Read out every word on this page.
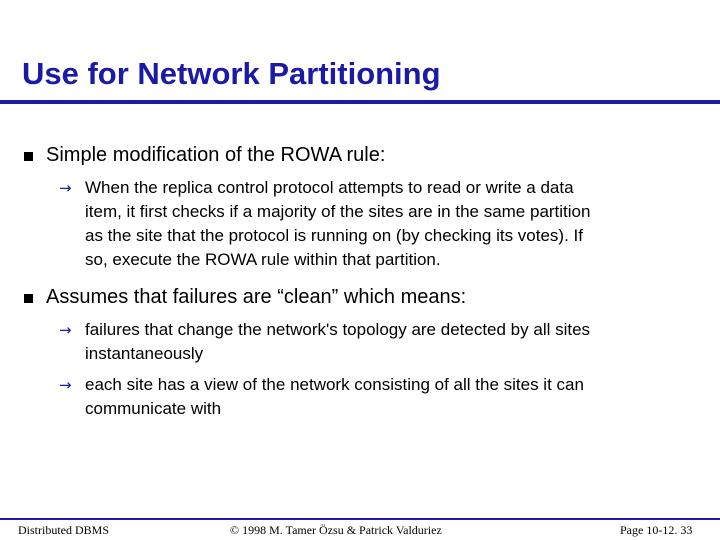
Use for Network Partitioning
Simple modification of the ROWA rule:
→ When the replica control protocol attempts to read or write a data
item, it first checks if a majority of the sites are in the same partition
as the site that the protocol is running on (by checking its votes). If
so, execute the ROWA rule within that partition.
Assumes that failures are “clean” which means:
→ failures that change the network's topology are detected by all sites
instantaneously
→ each site has a view of the network consisting of all the sites it can
communicate with
Distributed DBMS	© 1998 M. Tamer Özsu & Patrick Valduriez	Page 10-12. 33
